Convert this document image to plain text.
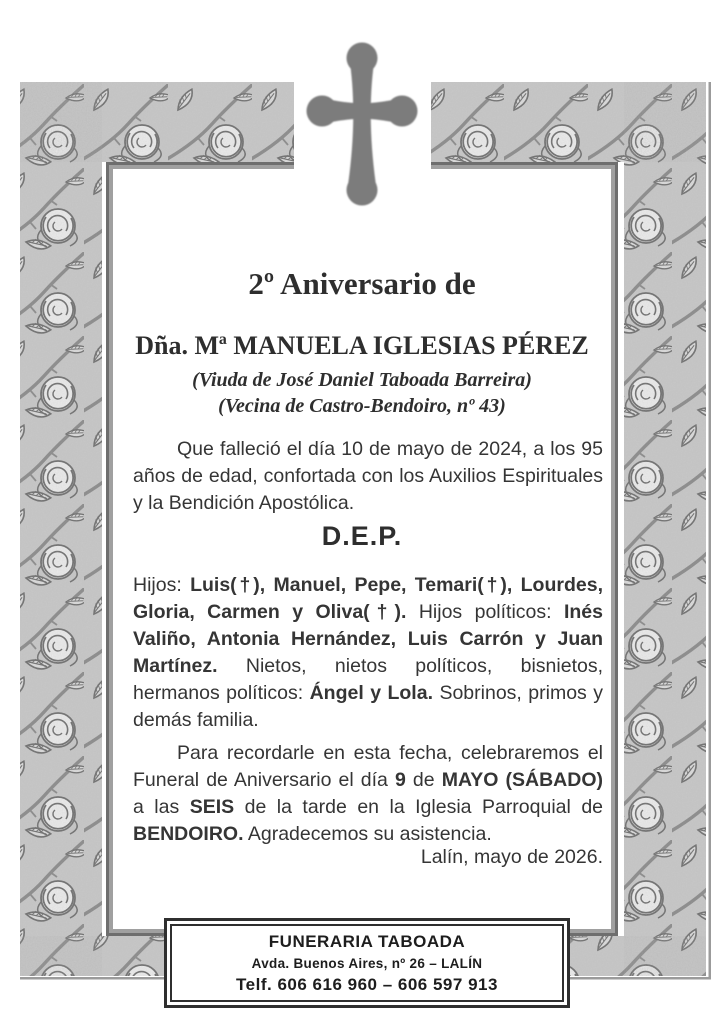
2º Aniversario de
Dña. Mª MANUELA IGLESIAS PÉREZ
(Viuda de José Daniel Taboada Barreira)
(Vecina de Castro-Bendoiro, nº 43)
Que falleció el día 10 de mayo de 2024, a los 95 años de edad, confortada con los Auxilios Espirituales y la Bendición Apostólica.
D.E.P.
Hijos: Luis(†), Manuel, Pepe, Temari(†), Lourdes, Gloria, Carmen y Oliva(†). Hijos políticos: Inés Valiño, Antonia Hernández, Luis Carrón y Juan Martínez. Nietos, nietos políticos, bisnietos, hermanos políticos: Ángel y Lola. Sobrinos, primos y demás familia.
Para recordarle en esta fecha, celebraremos el Funeral de Aniversario el día 9 de MAYO (SÁBADO) a las SEIS de la tarde en la Iglesia Parroquial de BENDOIRO. Agradecemos su asistencia.
Lalín, mayo de 2026.
FUNERARIA TABOADA
Avda. Buenos Aires, nº 26 – LALÍN
Telf. 606 616 960 – 606 597 913
